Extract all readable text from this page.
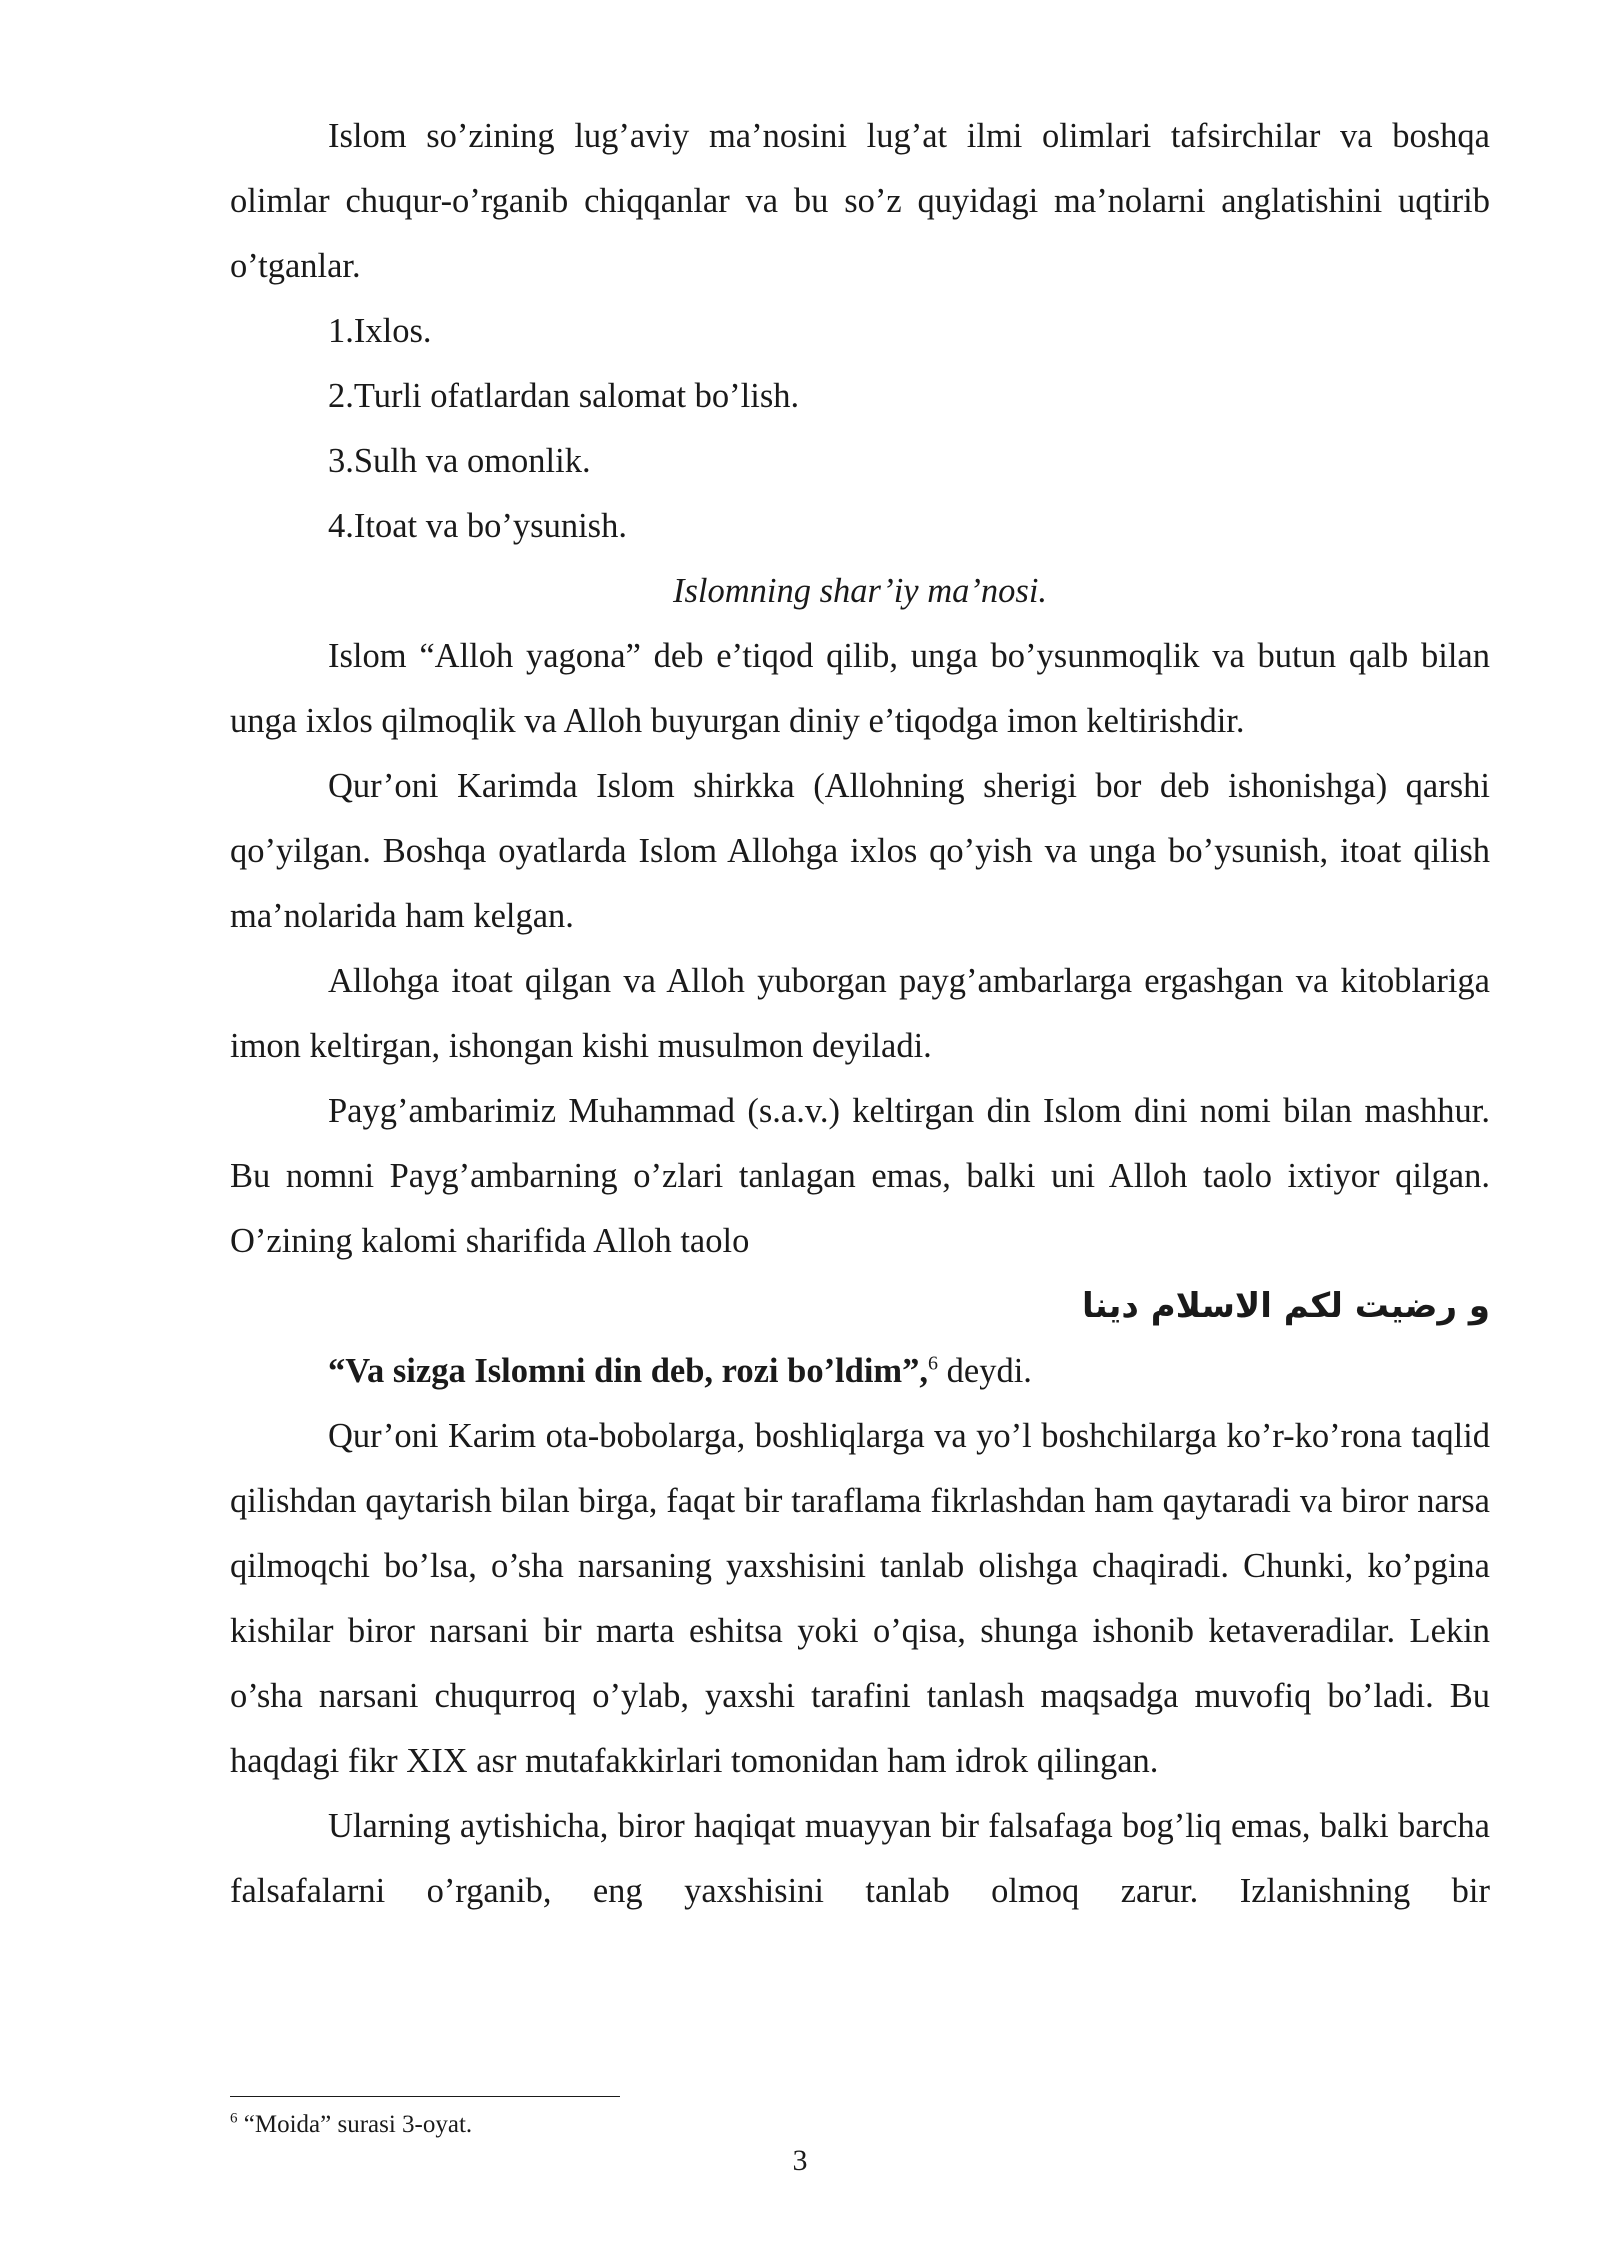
Islom so’zining lug’aviy ma’nosini lug’at ilmi olimlari tafsirchilar va boshqa olimlar chuqur-o’rganib chiqqanlar va bu so’z quyidagi ma’nolarni anglatishini uqtirib o’tganlar.

1.Ixlos.

2.Turli ofatlardan salomat bo’lish.

3.Sulh va omonlik.

4.Itoat va bo’ysunish.

Islomning shar’iy ma’nosi.

Islom “Alloh yagona” deb e’tiqod qilib, unga bo’ysunmoqlik va butun qalb bilan unga ixlos qilmoqlik va Alloh buyurgan diniy e’tiqodga imon keltirishdir.

Qur’oni Karimda Islom shirkka (Allohning sherigi bor deb ishonishga) qarshi qo’yilgan. Boshqa oyatlarda Islom Allohga ixlos qo’yish va unga bo’ysunish, itoat qilish ma’nolarida ham kelgan.

Allohga itoat qilgan va Alloh yuborgan payg’ambarlarga ergashgan va kitoblariga imon keltirgan, ishongan kishi musulmon deyiladi.

Payg’ambarimiz Muhammad (s.a.v.) keltirgan din Islom dini nomi bilan mashhur. Bu nomni Payg’ambarning o’zlari tanlagan emas, balki uni Alloh taolo ixtiyor qilgan. O’zining kalomi sharifida Alloh taolo

و رضيت لكم الاسلام دينا

“Va sizga Islomni din deb, rozi bo’ldim”,$^6$ deydi.

Qur’oni Karim ota-bobolarga, boshliqlarga va yo’l boshchilarga ko’r-ko’rona taqlid qilishdan qaytarish bilan birga, faqat bir taraflama fikrlashdan ham qaytaradi va biror narsa qilmoqchi bo’lsa, o’sha narsaning yaxshisini tanlab olishga chaqiradi. Chunki, ko’pgina kishilar biror narsani bir marta eshitsa yoki o’qisa, shunga ishonib ketaveradilar. Lekin o’sha narsani chuqurroq o’ylab, yaxshi tarafini tanlash maqsadga muvofiq bo’ladi. Bu haqdagi fikr XIX asr mutafakkirlari tomonidan ham idrok qilingan.

Ularning aytishicha, biror haqiqat muayyan bir falsafaga bog’liq emas, balki barcha falsafalarni o’rganib, eng yaxshisini tanlab olmoq zarur. Izlanishning bir

$^6$ “Moida” surasi 3-oyat.
3
